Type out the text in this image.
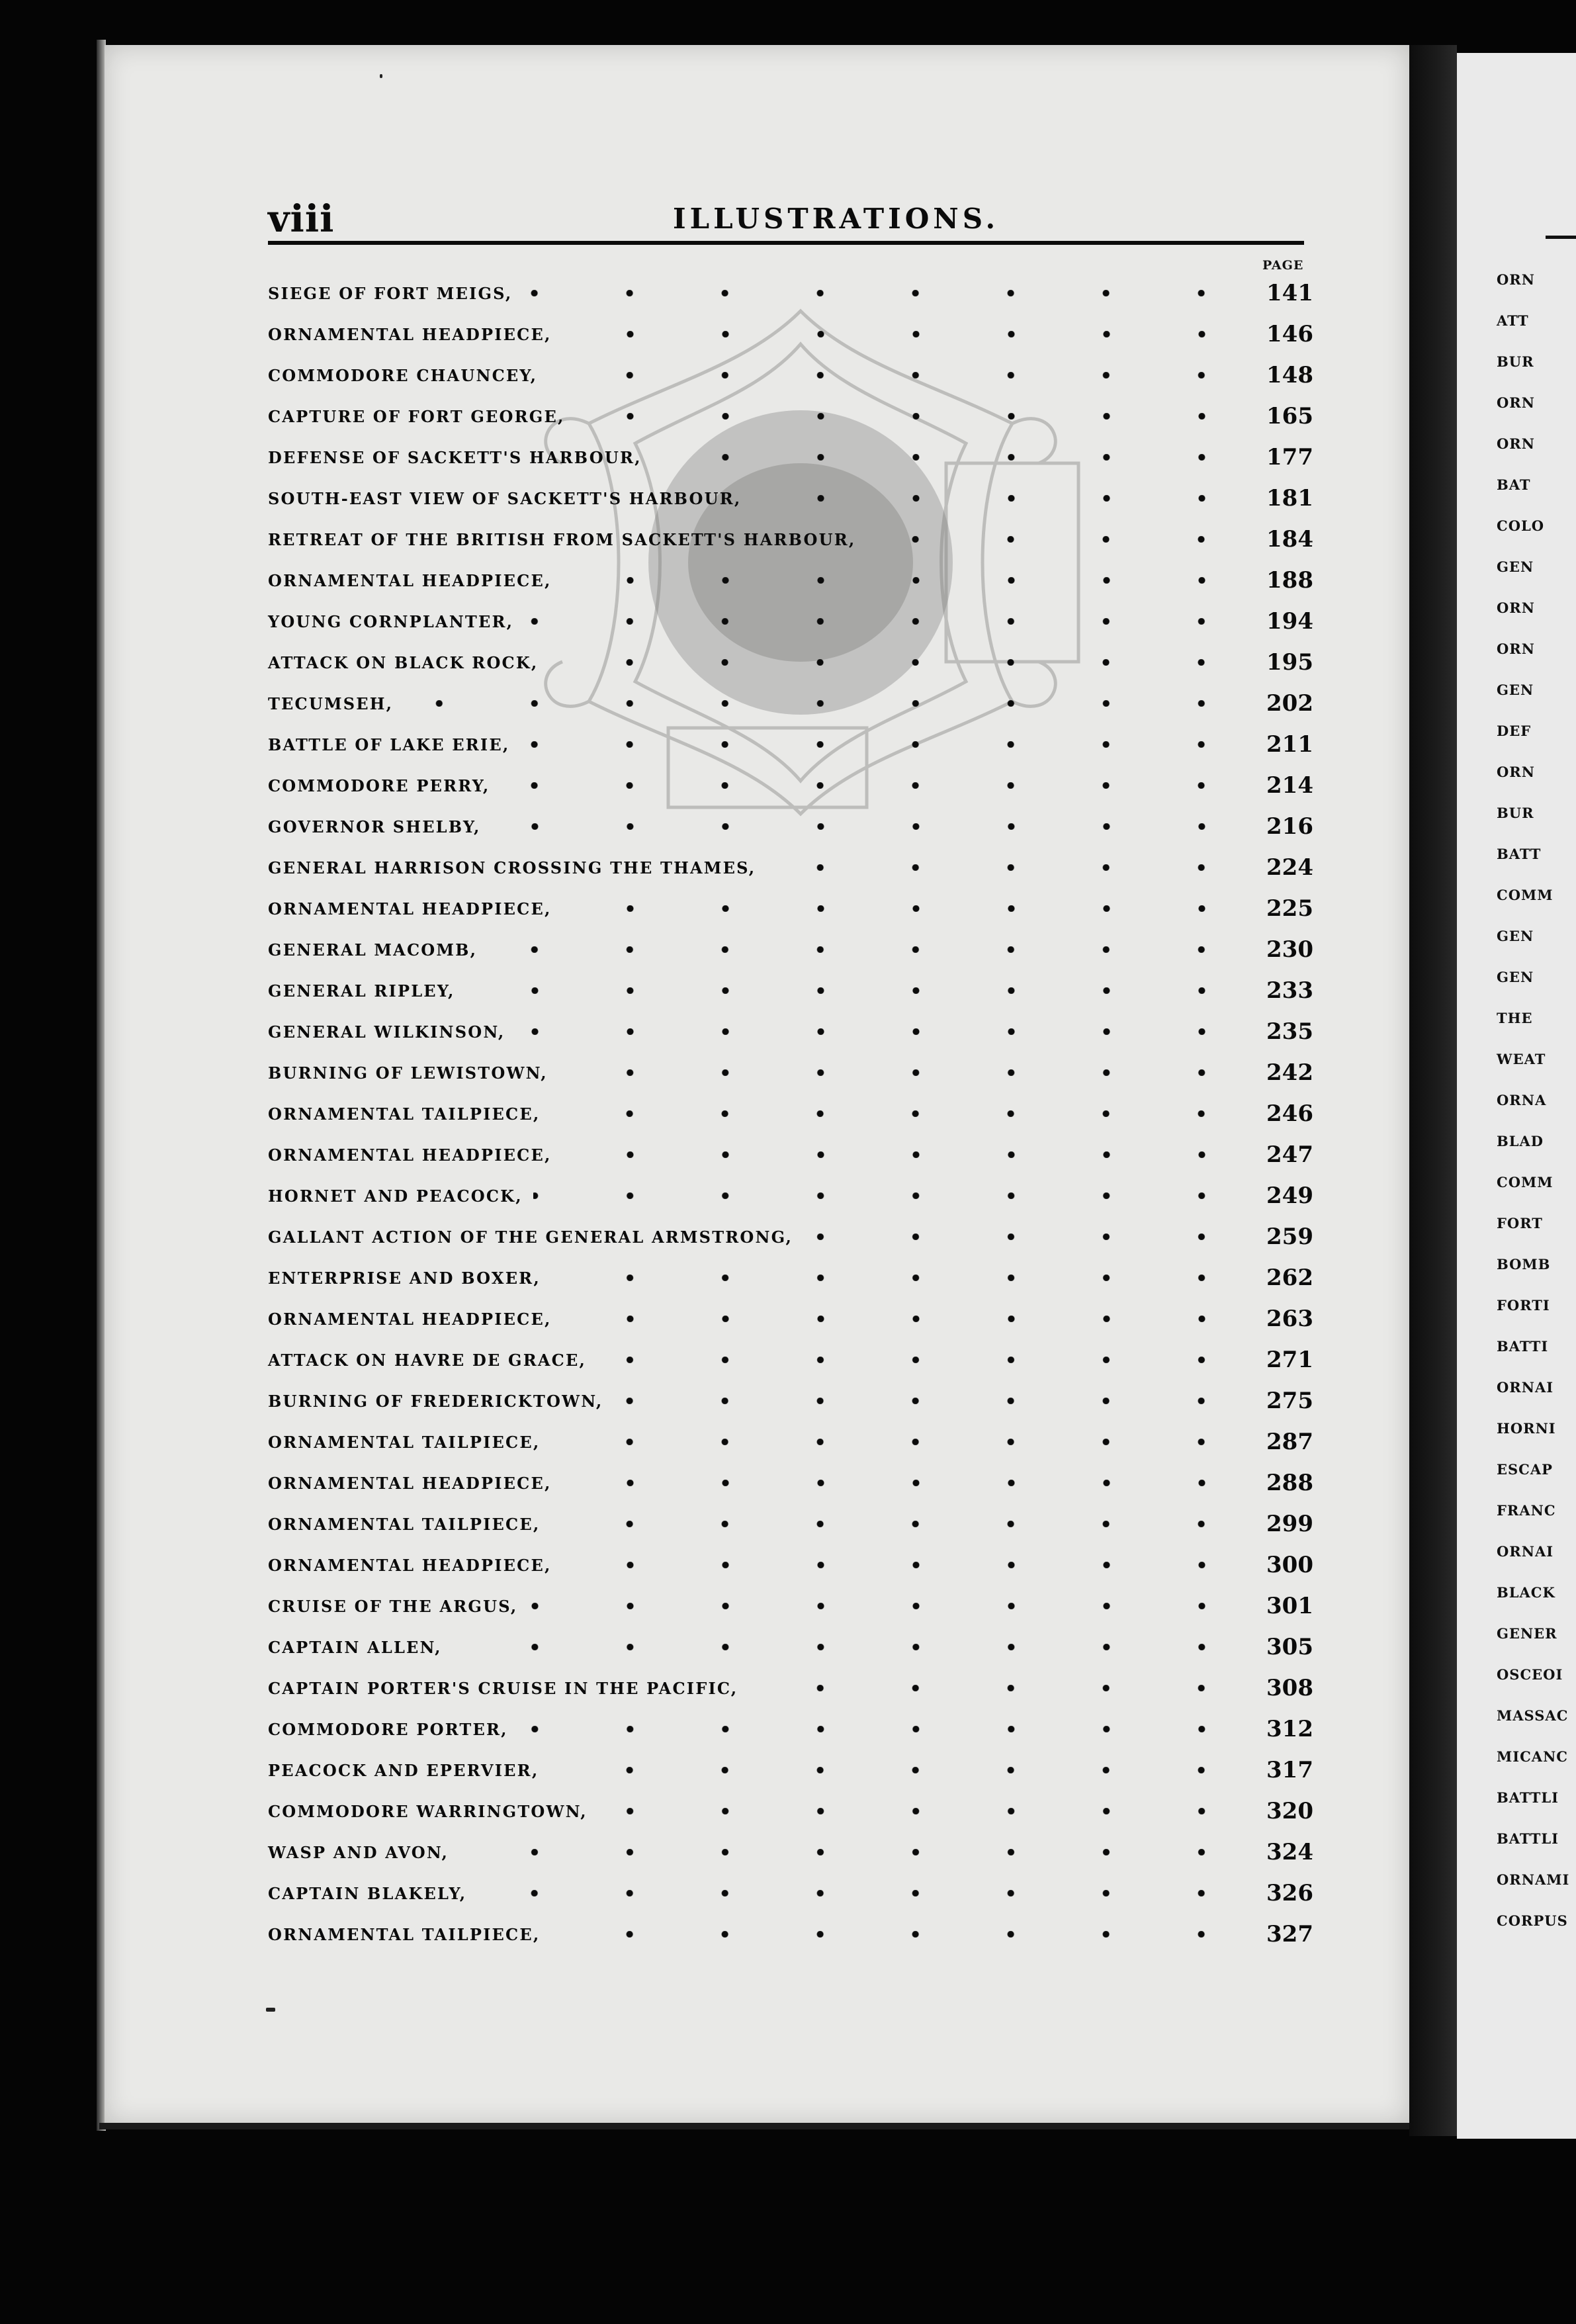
viii	ILLUSTRATIONS.
PAGE
SIEGE OF FORT MEIGS,	141
ORNAMENTAL HEADPIECE,	146
COMMODORE CHAUNCEY,	148
CAPTURE OF FORT GEORGE,	165
DEFENSE OF SACKETT'S HARBOUR,	177
SOUTH-EAST VIEW OF SACKETT'S HARBOUR,	181
RETREAT OF THE BRITISH FROM SACKETT'S HARBOUR,	184
ORNAMENTAL HEADPIECE,	188
YOUNG CORNPLANTER,	194
ATTACK ON BLACK ROCK,	195
TECUMSEH,	202
BATTLE OF LAKE ERIE,	211
COMMODORE PERRY,	214
GOVERNOR SHELBY,	216
GENERAL HARRISON CROSSING THE THAMES,	224
ORNAMENTAL HEADPIECE,	225
GENERAL MACOMB,	230
GENERAL RIPLEY,	233
GENERAL WILKINSON,	235
BURNING OF LEWISTOWN,	242
ORNAMENTAL TAILPIECE,	246
ORNAMENTAL HEADPIECE,	247
HORNET AND PEACOCK,	249
GALLANT ACTION OF THE GENERAL ARMSTRONG,	259
ENTERPRISE AND BOXER,	262
ORNAMENTAL HEADPIECE,	263
ATTACK ON HAVRE DE GRACE,	271
BURNING OF FREDERICKTOWN,	275
ORNAMENTAL TAILPIECE,	287
ORNAMENTAL HEADPIECE,	288
ORNAMENTAL TAILPIECE,	299
ORNAMENTAL HEADPIECE,	300
CRUISE OF THE ARGUS,	301
CAPTAIN ALLEN,	305
CAPTAIN PORTER'S CRUISE IN THE PACIFIC,	308
COMMODORE PORTER,	312
PEACOCK AND EPERVIER,	317
COMMODORE WARRINGTOWN,	320
WASP AND AVON,	324
CAPTAIN BLAKELY,	326
ORNAMENTAL TAILPIECE,	327
ORN
ATT
BUR
ORN
ORN
BAT
COLO
GEN
ORN
ORN
GEN
DEF
ORN
BUR
BATT
COMM
GEN
GEN
THE
WEAT
ORNA
BLAD
COMM
FORT
BOMB
FORTI
BATTI
ORNAI
HORNI
ESCAP
FRANC
ORNAI
BLACK
GENER
OSCEOI
MASSAC
MICANC
BATTLI
BATTLI
ORNAMI
CORPUS
